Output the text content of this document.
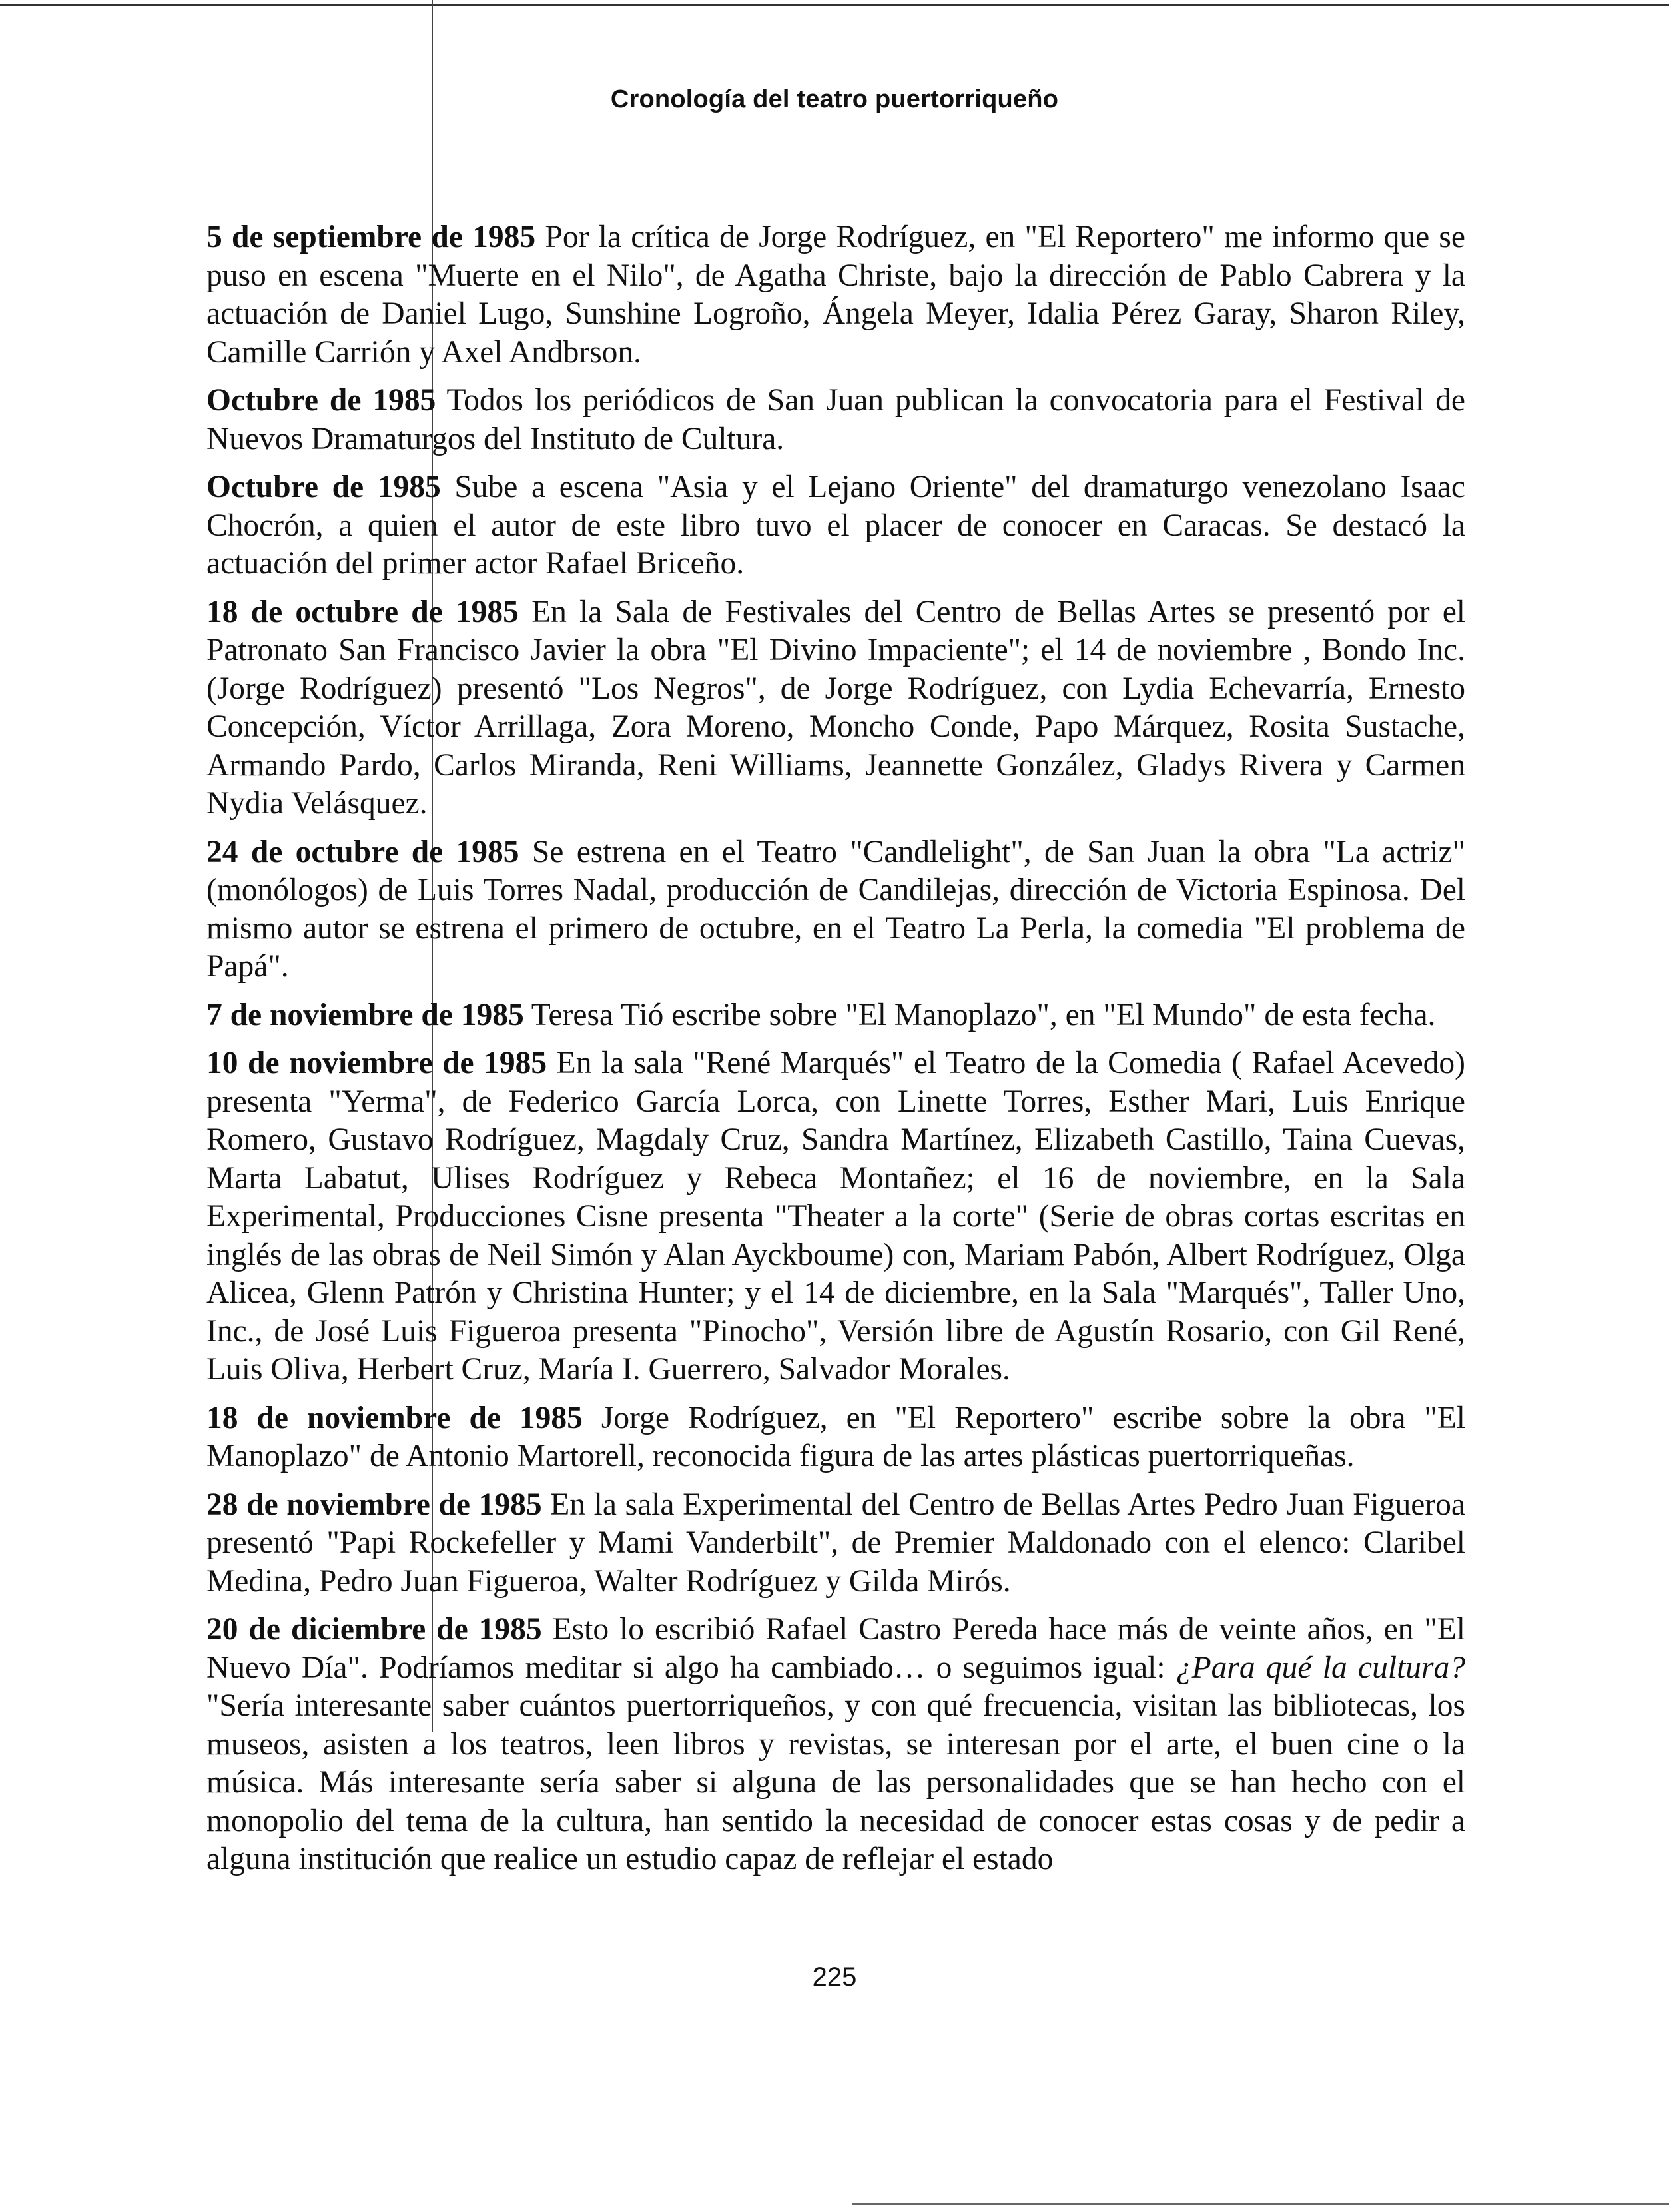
Cronología del teatro puertorriqueño

5 de septiembre de 1985 Por la crítica de Jorge Rodríguez, en "El Reportero" me informo que se puso en escena "Muerte en el Nilo", de Agatha Christe, bajo la dirección de Pablo Cabrera y la actuación de Daniel Lugo, Sunshine Logroño, Ángela Meyer, Idalia Pérez Garay, Sharon Riley, Camille Carrión y Axel Andbrson.

Octubre de 1985 Todos los periódicos de San Juan publican la convocatoria para el Festival de Nuevos Dramaturgos del Instituto de Cultura.

Octubre de 1985 Sube a escena "Asia y el Lejano Oriente" del dramaturgo venezolano Isaac Chocrón, a quien el autor de este libro tuvo el placer de conocer en Caracas. Se destacó la actuación del primer actor Rafael Briceño.

18 de octubre de 1985 En la Sala de Festivales del Centro de Bellas Artes se presentó por el Patronato San Francisco Javier la obra "El Divino Impaciente"; el 14 de noviembre , Bondo Inc. (Jorge Rodríguez) presentó "Los Negros", de Jorge Rodríguez, con Lydia Echevarría, Ernesto Concepción, Víctor Arrillaga, Zora Moreno, Moncho Conde, Papo Márquez, Rosita Sustache, Armando Pardo, Carlos Miranda, Reni Williams, Jeannette González, Gladys Rivera y Carmen Nydia Velásquez.

24 de octubre de 1985 Se estrena en el Teatro "Candlelight", de San Juan la obra "La actriz" (monólogos) de Luis Torres Nadal, producción de Candilejas, dirección de Victoria Espinosa. Del mismo autor se estrena el primero de octubre, en el Teatro La Perla, la comedia "El problema de Papá".

7 de noviembre de 1985 Teresa Tió escribe sobre "El Manoplazo", en "El Mundo" de esta fecha.

10 de noviembre de 1985 En la sala "René Marqués" el Teatro de la Comedia ( Rafael Acevedo) presenta "Yerma", de Federico García Lorca, con Linette Torres, Esther Mari, Luis Enrique Romero, Gustavo Rodríguez, Magdaly Cruz, Sandra Martínez, Elizabeth Castillo, Taina Cuevas, Marta Labatut, Ulises Rodríguez y Rebeca Montañez; el 16 de noviembre, en la Sala Experimental, Producciones Cisne presenta "Theater a la corte" (Serie de obras cortas escritas en inglés de las obras de Neil Simón y Alan Ayckboume) con, Mariam Pabón, Albert Rodríguez, Olga Alicea, Glenn Patrón y Christina Hunter; y el 14 de diciembre, en la Sala "Marqués", Taller Uno, Inc., de José Luis Figueroa presenta "Pinocho", Versión libre de Agustín Rosario, con Gil René, Luis Oliva, Herbert Cruz, María I. Guerrero, Salvador Morales.

18 de noviembre de 1985 Jorge Rodríguez, en "El Reportero" escribe sobre la obra "El Manoplazo" de Antonio Martorell, reconocida figura de las artes plásticas puertorriqueñas.

28 de noviembre de 1985 En la sala Experimental del Centro de Bellas Artes Pedro Juan Figueroa presentó "Papi Rockefeller y Mami Vanderbilt", de Premier Maldonado con el elenco: Claribel Medina, Pedro Juan Figueroa, Walter Rodríguez y Gilda Mirós.

20 de diciembre de 1985 Esto lo escribió Rafael Castro Pereda hace más de veinte años, en "El Nuevo Día". Podríamos meditar si algo ha cambiado… o seguimos igual: ¿Para qué la cultura? "Sería interesante saber cuántos puertorriqueños, y con qué frecuencia, visitan las bibliotecas, los museos, asisten a los teatros, leen libros y revistas, se interesan por el arte, el buen cine o la música. Más interesante sería saber si alguna de las personalidades que se han hecho con el monopolio del tema de la cultura, han sentido la necesidad de conocer estas cosas y de pedir a alguna institución que realice un estudio capaz de reflejar el estado

225
